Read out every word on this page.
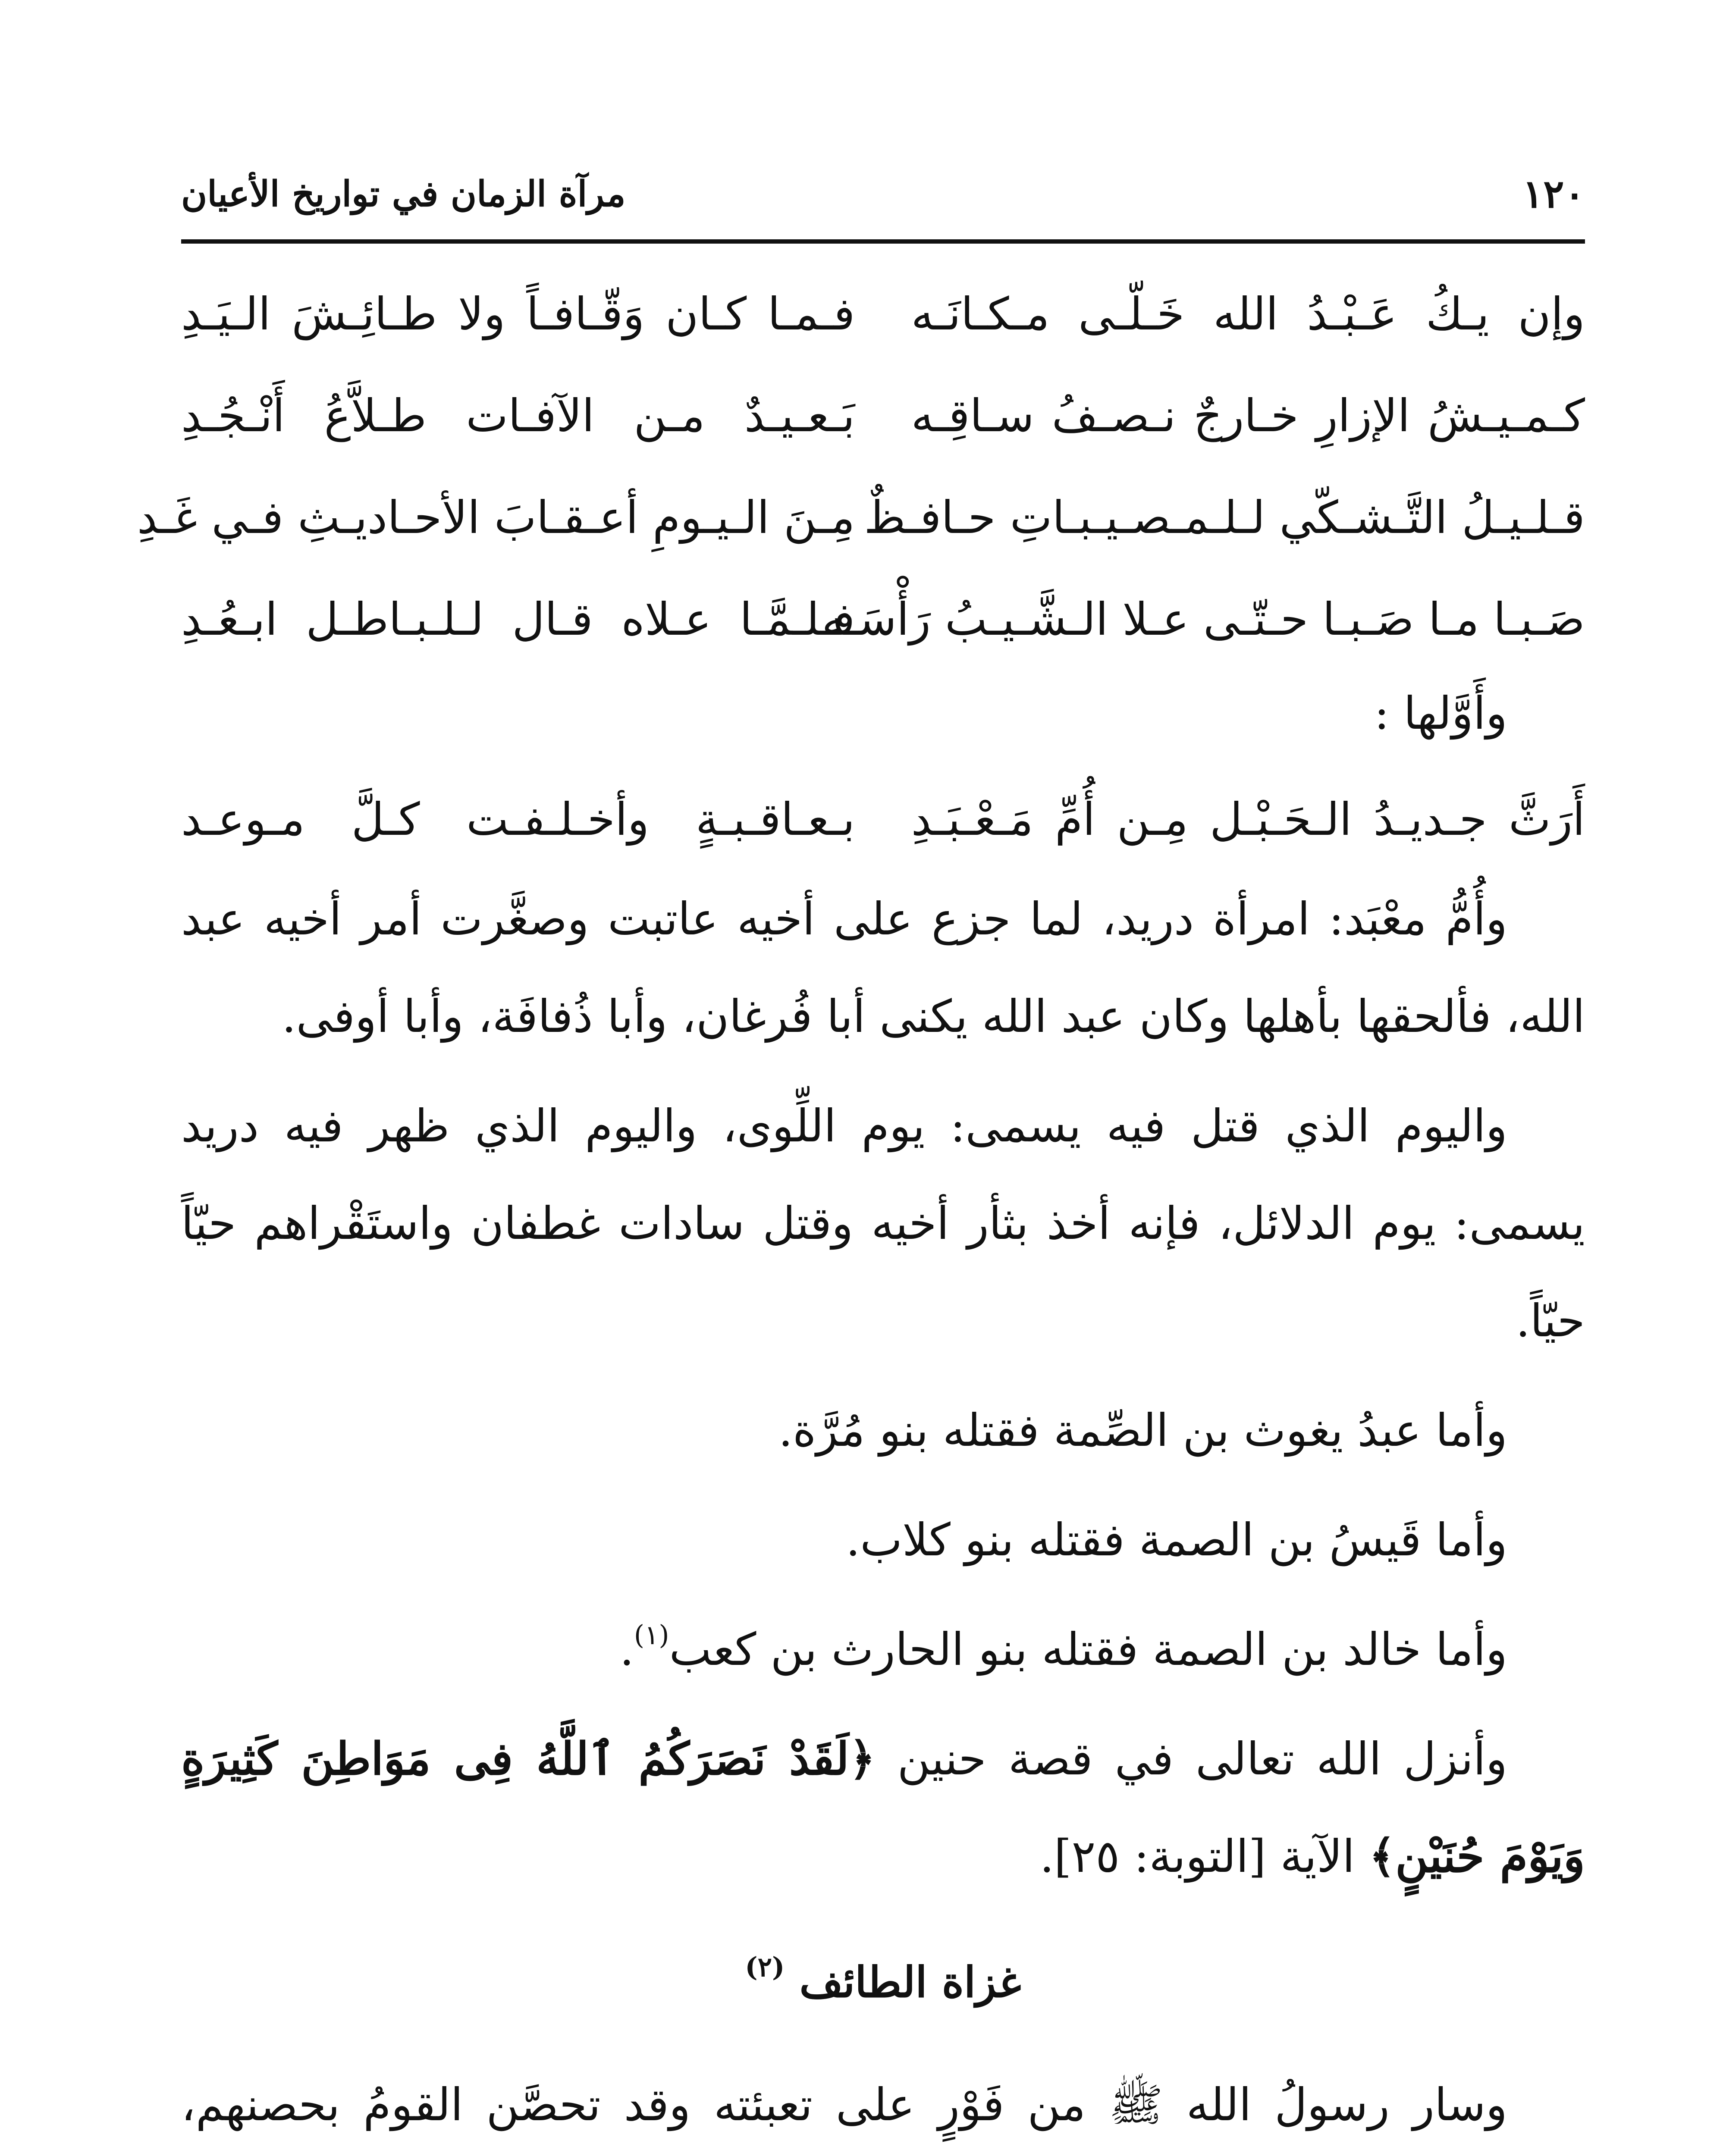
١٢٠
مرآة الزمان في تواريخ الأعيان
وإن يـكُ عَـبْـدُ الله خَـلّـى مـكـانَـه
فـمـا كـان وَقّـافـاً ولا طـائِـشَ الـيَـدِ
كـمـيـشُ الإزارِ خـارجٌ نـصـفُ سـاقِـه
بَـعـيـدٌ مـن الآفـات طـلاَّعُ أَنْـجُـدِ
قـلـيـلُ التَّـشـكّي لـلـمـصـيـبـاتِ حـافـظٌ
مِـنَ الـيـومِ أعـقـابَ الأحـاديـثِ فـي غَـدِ
صَـبـا مـا صَـبـا حـتّـى عـلا الـشَّـيـبُ رَأْسَـه
فـلـمَّـا عـلاه قـال لـلـبـاطـل ابـعُـدِ
وأَوَّلها :
أَرَثَّ جـديـدُ الـحَـبْـل مِـن أُمِّ مَـعْـبَـدِ
بـعـاقـبـةٍ وأخـلـفـت كـلَّ مـوعـد

وأُمُّ معْبَد: امرأة دريد، لما جزع على أخيه عاتبت وصغَّرت أمر أخيه عبد الله، فألحقها بأهلها وكان عبد الله يكنى أبا فُرغان، وأبا ذُفافَة، وأبا أوفى.

واليوم الذي قتل فيه يسمى: يوم اللِّوى، واليوم الذي ظهر فيه دريد يسمى: يوم الدلائل، فإنه أخذ بثأر أخيه وقتل سادات غطفان واستَقْراهم حيّاً حيّاً.

وأما عبدُ يغوث بن الصِّمة فقتله بنو مُرَّة.

وأما قَيسُ بن الصمة فقتله بنو كلاب.

وأما خالد بن الصمة فقتله بنو الحارث بن كعب$^{(١)}$.

وأنزل الله تعالى في قصة حنين ﴿لَقَدْ نَصَرَكُمُ ٱللَّهُ فِى مَوَاطِنَ كَثِيرَةٍ وَيَوْمَ حُنَيْنٍ﴾ الآية [التوبة: ٢٥].

غزاة الطائف $^{(٢)}$

وسار رسولُ الله ﷺ من فَوْرٍ على تعبئته وقد تحصَّن القومُ بحصنهم،
